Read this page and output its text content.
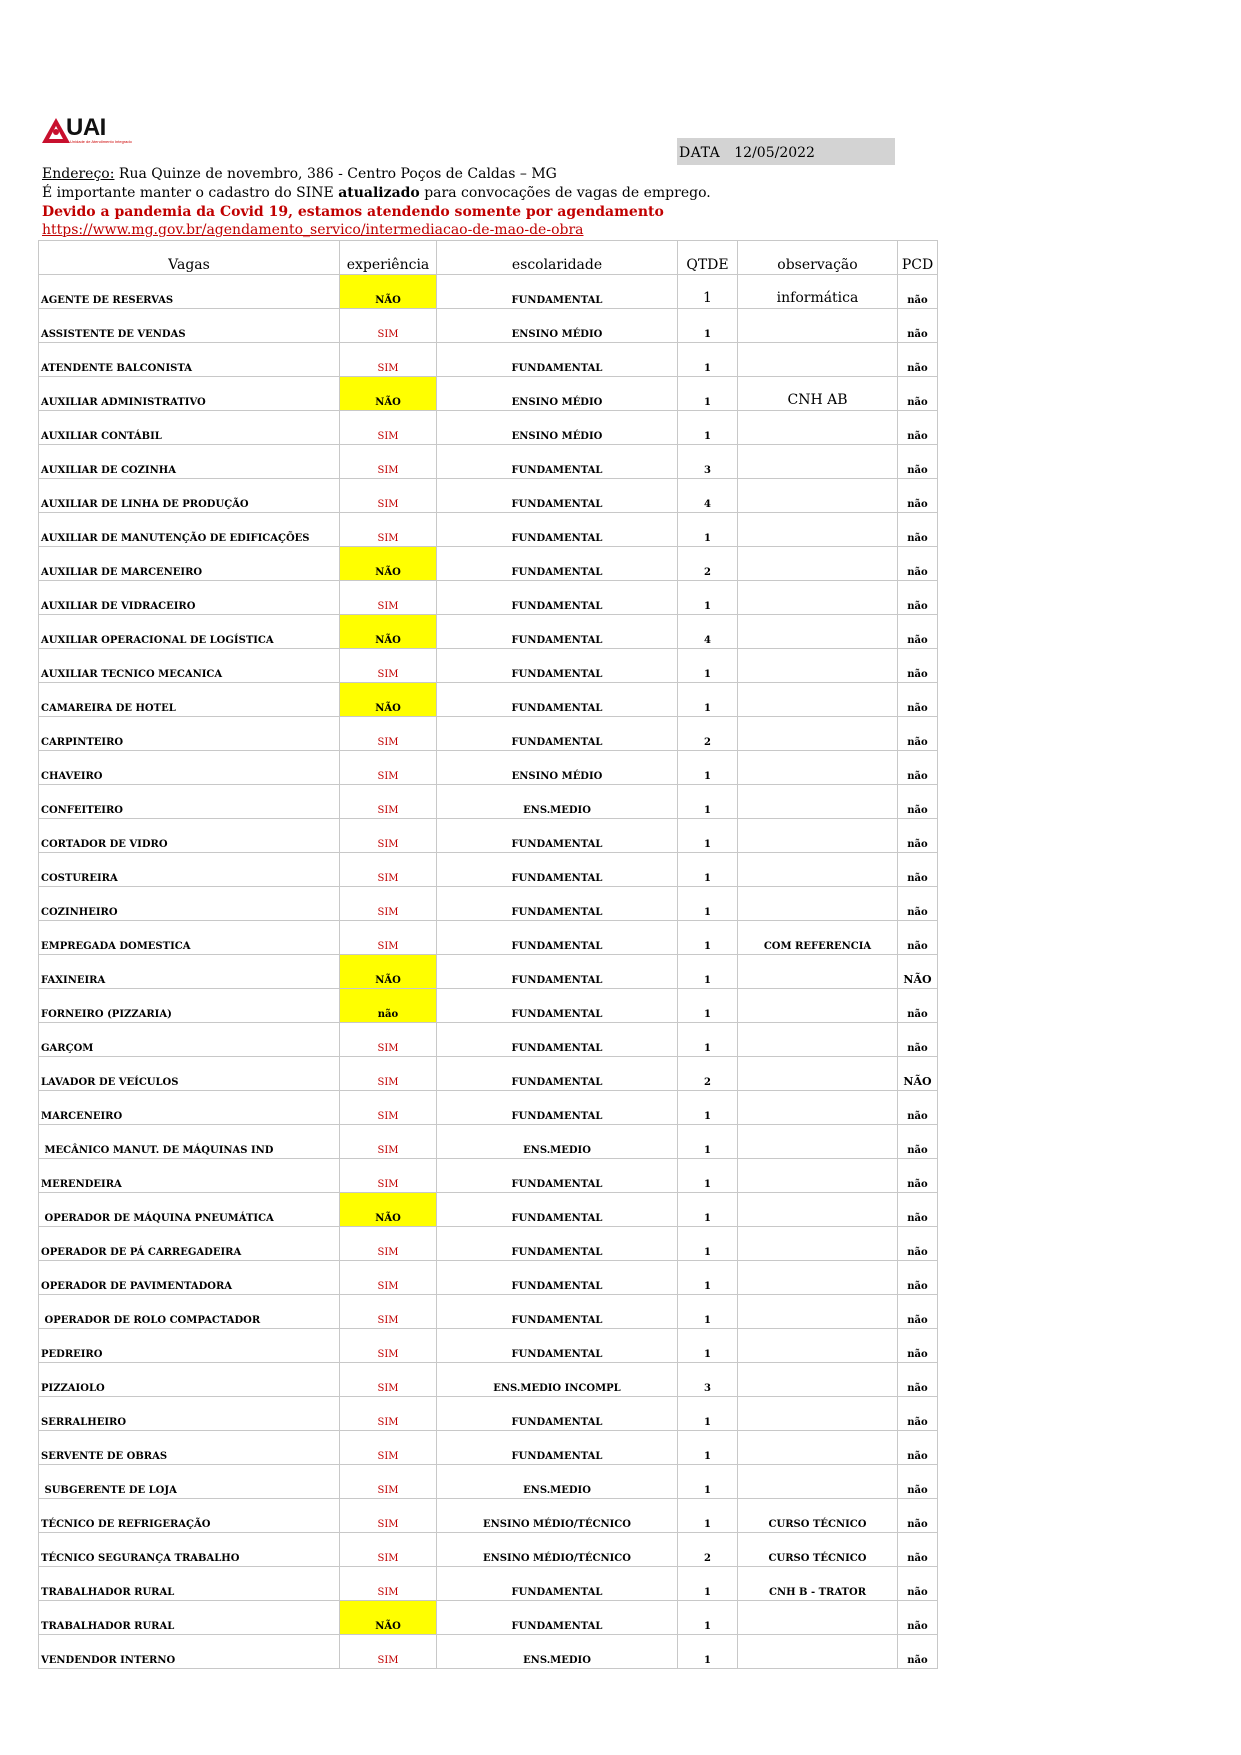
UAI
Unidade de Atendimento Integrado
DATA 12/05/2022
Endereço: Rua Quinze de novembro, 386 - Centro Poços de Caldas – MG
É importante manter o cadastro do SINE atualizado para convocações de vagas de emprego.
Devido a pandemia da Covid 19, estamos atendendo somente por agendamento
https://www.mg.gov.br/agendamento_servico/intermediacao-de-mao-de-obra
Vagas	experiência	escolaridade	QTDE	observação	PCD
AGENTE DE RESERVAS	NÃO	FUNDAMENTAL	1	informática	não
ASSISTENTE DE VENDAS	SIM	ENSINO MÉDIO	1		não
ATENDENTE BALCONISTA	SIM	FUNDAMENTAL	1		não
AUXILIAR ADMINISTRATIVO	NÃO	ENSINO MÉDIO	1	CNH AB	não
AUXILIAR CONTÁBIL	SIM	ENSINO MÉDIO	1		não
AUXILIAR DE COZINHA	SIM	FUNDAMENTAL	3		não
AUXILIAR DE LINHA DE PRODUÇÃO	SIM	FUNDAMENTAL	4		não
AUXILIAR DE MANUTENÇÃO DE EDIFICAÇÕES	SIM	FUNDAMENTAL	1		não
AUXILIAR DE MARCENEIRO	NÃO	FUNDAMENTAL	2		não
AUXILIAR DE VIDRACEIRO	SIM	FUNDAMENTAL	1		não
AUXILIAR OPERACIONAL DE LOGÍSTICA	NÃO	FUNDAMENTAL	4		não
AUXILIAR TECNICO MECANICA	SIM	FUNDAMENTAL	1		não
CAMAREIRA DE HOTEL	NÃO	FUNDAMENTAL	1		não
CARPINTEIRO	SIM	FUNDAMENTAL	2		não
CHAVEIRO	SIM	ENSINO MÉDIO	1		não
CONFEITEIRO	SIM	ENS.MEDIO	1		não
CORTADOR DE VIDRO	SIM	FUNDAMENTAL	1		não
COSTUREIRA	SIM	FUNDAMENTAL	1		não
COZINHEIRO	SIM	FUNDAMENTAL	1		não
EMPREGADA DOMESTICA	SIM	FUNDAMENTAL	1	COM REFERENCIA	não
FAXINEIRA	NÃO	FUNDAMENTAL	1		NÃO
FORNEIRO (PIZZARIA)	não	FUNDAMENTAL	1		não
GARÇOM	SIM	FUNDAMENTAL	1		não
LAVADOR DE VEÍCULOS	SIM	FUNDAMENTAL	2		NÃO
MARCENEIRO	SIM	FUNDAMENTAL	1		não
MECÂNICO MANUT. DE MÁQUINAS IND	SIM	ENS.MEDIO	1		não
MERENDEIRA	SIM	FUNDAMENTAL	1		não
OPERADOR DE MÁQUINA PNEUMÁTICA	NÃO	FUNDAMENTAL	1		não
OPERADOR DE PÁ CARREGADEIRA	SIM	FUNDAMENTAL	1		não
OPERADOR DE PAVIMENTADORA	SIM	FUNDAMENTAL	1		não
OPERADOR DE ROLO COMPACTADOR	SIM	FUNDAMENTAL	1		não
PEDREIRO	SIM	FUNDAMENTAL	1		não
PIZZAIOLO	SIM	ENS.MEDIO INCOMPL	3		não
SERRALHEIRO	SIM	FUNDAMENTAL	1		não
SERVENTE DE OBRAS	SIM	FUNDAMENTAL	1		não
SUBGERENTE DE LOJA	SIM	ENS.MEDIO	1		não
TÉCNICO DE REFRIGERAÇÃO	SIM	ENSINO MÉDIO/TÉCNICO	1	CURSO TÉCNICO	não
TÉCNICO SEGURANÇA TRABALHO	SIM	ENSINO MÉDIO/TÉCNICO	2	CURSO TÉCNICO	não
TRABALHADOR RURAL	SIM	FUNDAMENTAL	1	CNH B - TRATOR	não
TRABALHADOR RURAL	NÃO	FUNDAMENTAL	1		não
VENDENDOR INTERNO	SIM	ENS.MEDIO	1		não
